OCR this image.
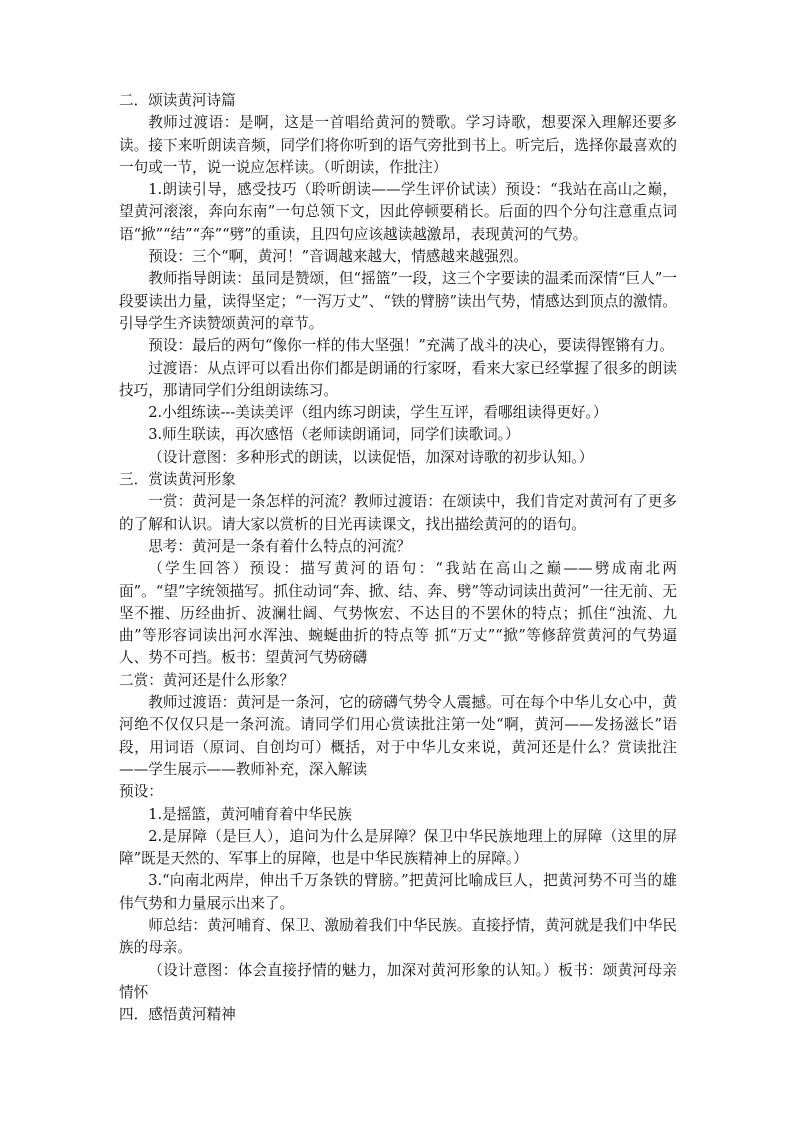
二．颂读黄河诗篇

教师过渡语：是啊，这是一首唱给黄河的赞歌。学习诗歌，想要深入理解还要多读。接下来听朗读音频，同学们将你听到的语气旁批到书上。听完后，选择你最喜欢的一句或一节，说一说应怎样读。（听朗读，作批注）

1.朗读引导，感受技巧（聆听朗读——学生评价试读）预设：“我站在高山之巅，望黄河滚滚，奔向东南”一句总领下文，因此停顿要稍长。后面的四个分句注意重点词语“掀”“结”“奔”“劈”的重读，且四句应该越读越激昂，表现黄河的气势。

预设：三个“啊，黄河！”音调越来越大，情感越来越强烈。

教师指导朗读：虽同是赞颂，但“摇篮”一段，这三个字要读的温柔而深情“巨人”一段要读出力量，读得坚定；“一泻万丈”、“铁的臂膀”读出气势，情感达到顶点的激情。引导学生齐读赞颂黄河的章节。

预设：最后的两句“像你一样的伟大坚强！”充满了战斗的决心，要读得铿锵有力。

过渡语：从点评可以看出你们都是朗诵的行家呀，看来大家已经掌握了很多的朗读技巧，那请同学们分组朗读练习。

2.小组练读---美读美评（组内练习朗读，学生互评，看哪组读得更好。）

3.师生联读，再次感悟（老师读朗诵词，同学们读歌词。）

（设计意图：多种形式的朗读，以读促悟，加深对诗歌的初步认知。）

三．赏读黄河形象

一赏：黄河是一条怎样的河流？教师过渡语：在颂读中，我们肯定对黄河有了更多的了解和认识。请大家以赏析的目光再读课文，找出描绘黄河的的语句。

思考：黄河是一条有着什么特点的河流？

（学生回答）预设：描写黄河的语句：“我站在高山之巅——劈成南北两面”。“望”字统领描写。抓住动词“奔、掀、结、奔、劈”等动词读出黄河”一往无前、无坚不摧、历经曲折、波澜壮阔、气势恢宏、不达目的不罢休的特点；抓住“浊流、九曲”等形容词读出河水浑浊、蜿蜒曲折的特点等 抓“万丈”“掀”等修辞赏黄河的气势逼人、势不可挡。板书：望黄河气势磅礴

二赏：黄河还是什么形象？

教师过渡语：黄河是一条河，它的磅礴气势令人震撼。可在每个中华儿女心中，黄河绝不仅仅只是一条河流。请同学们用心赏读批注第一处“啊，黄河——发扬滋长”语段，用词语（原词、自创均可）概括，对于中华儿女来说，黄河还是什么？赏读批注——学生展示——教师补充，深入解读

预设：

1.是摇篮，黄河哺育着中华民族

2.是屏障（是巨人），追问为什么是屏障？保卫中华民族地理上的屏障（这里的屏障”既是天然的、军事上的屏障，也是中华民族精神上的屏障。）

3.“向南北两岸，伸出千万条铁的臂膀。”把黄河比喻成巨人，把黄河势不可当的雄伟气势和力量展示出来了。

师总结：黄河哺育、保卫、激励着我们中华民族。直接抒情，黄河就是我们中华民族的母亲。

（设计意图：体会直接抒情的魅力，加深对黄河形象的认知。）板书：颂黄河母亲情怀

四．感悟黄河精神
